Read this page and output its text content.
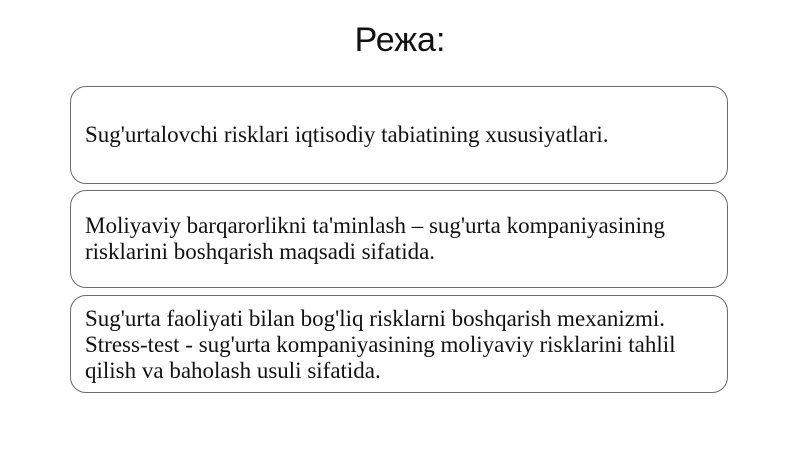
Режа:
Sug'urtalovchi risklari iqtisodiy tabiatining xususiyatlari.
Moliyaviy barqarorlikni ta'minlash – sug'urta kompaniyasining
risklarini boshqarish maqsadi sifatida.
Sug'urta faoliyati bilan bog'liq risklarni boshqarish mexanizmi.
Stress-test - sug'urta kompaniyasining moliyaviy risklarini tahlil
qilish va baholash usuli sifatida.
